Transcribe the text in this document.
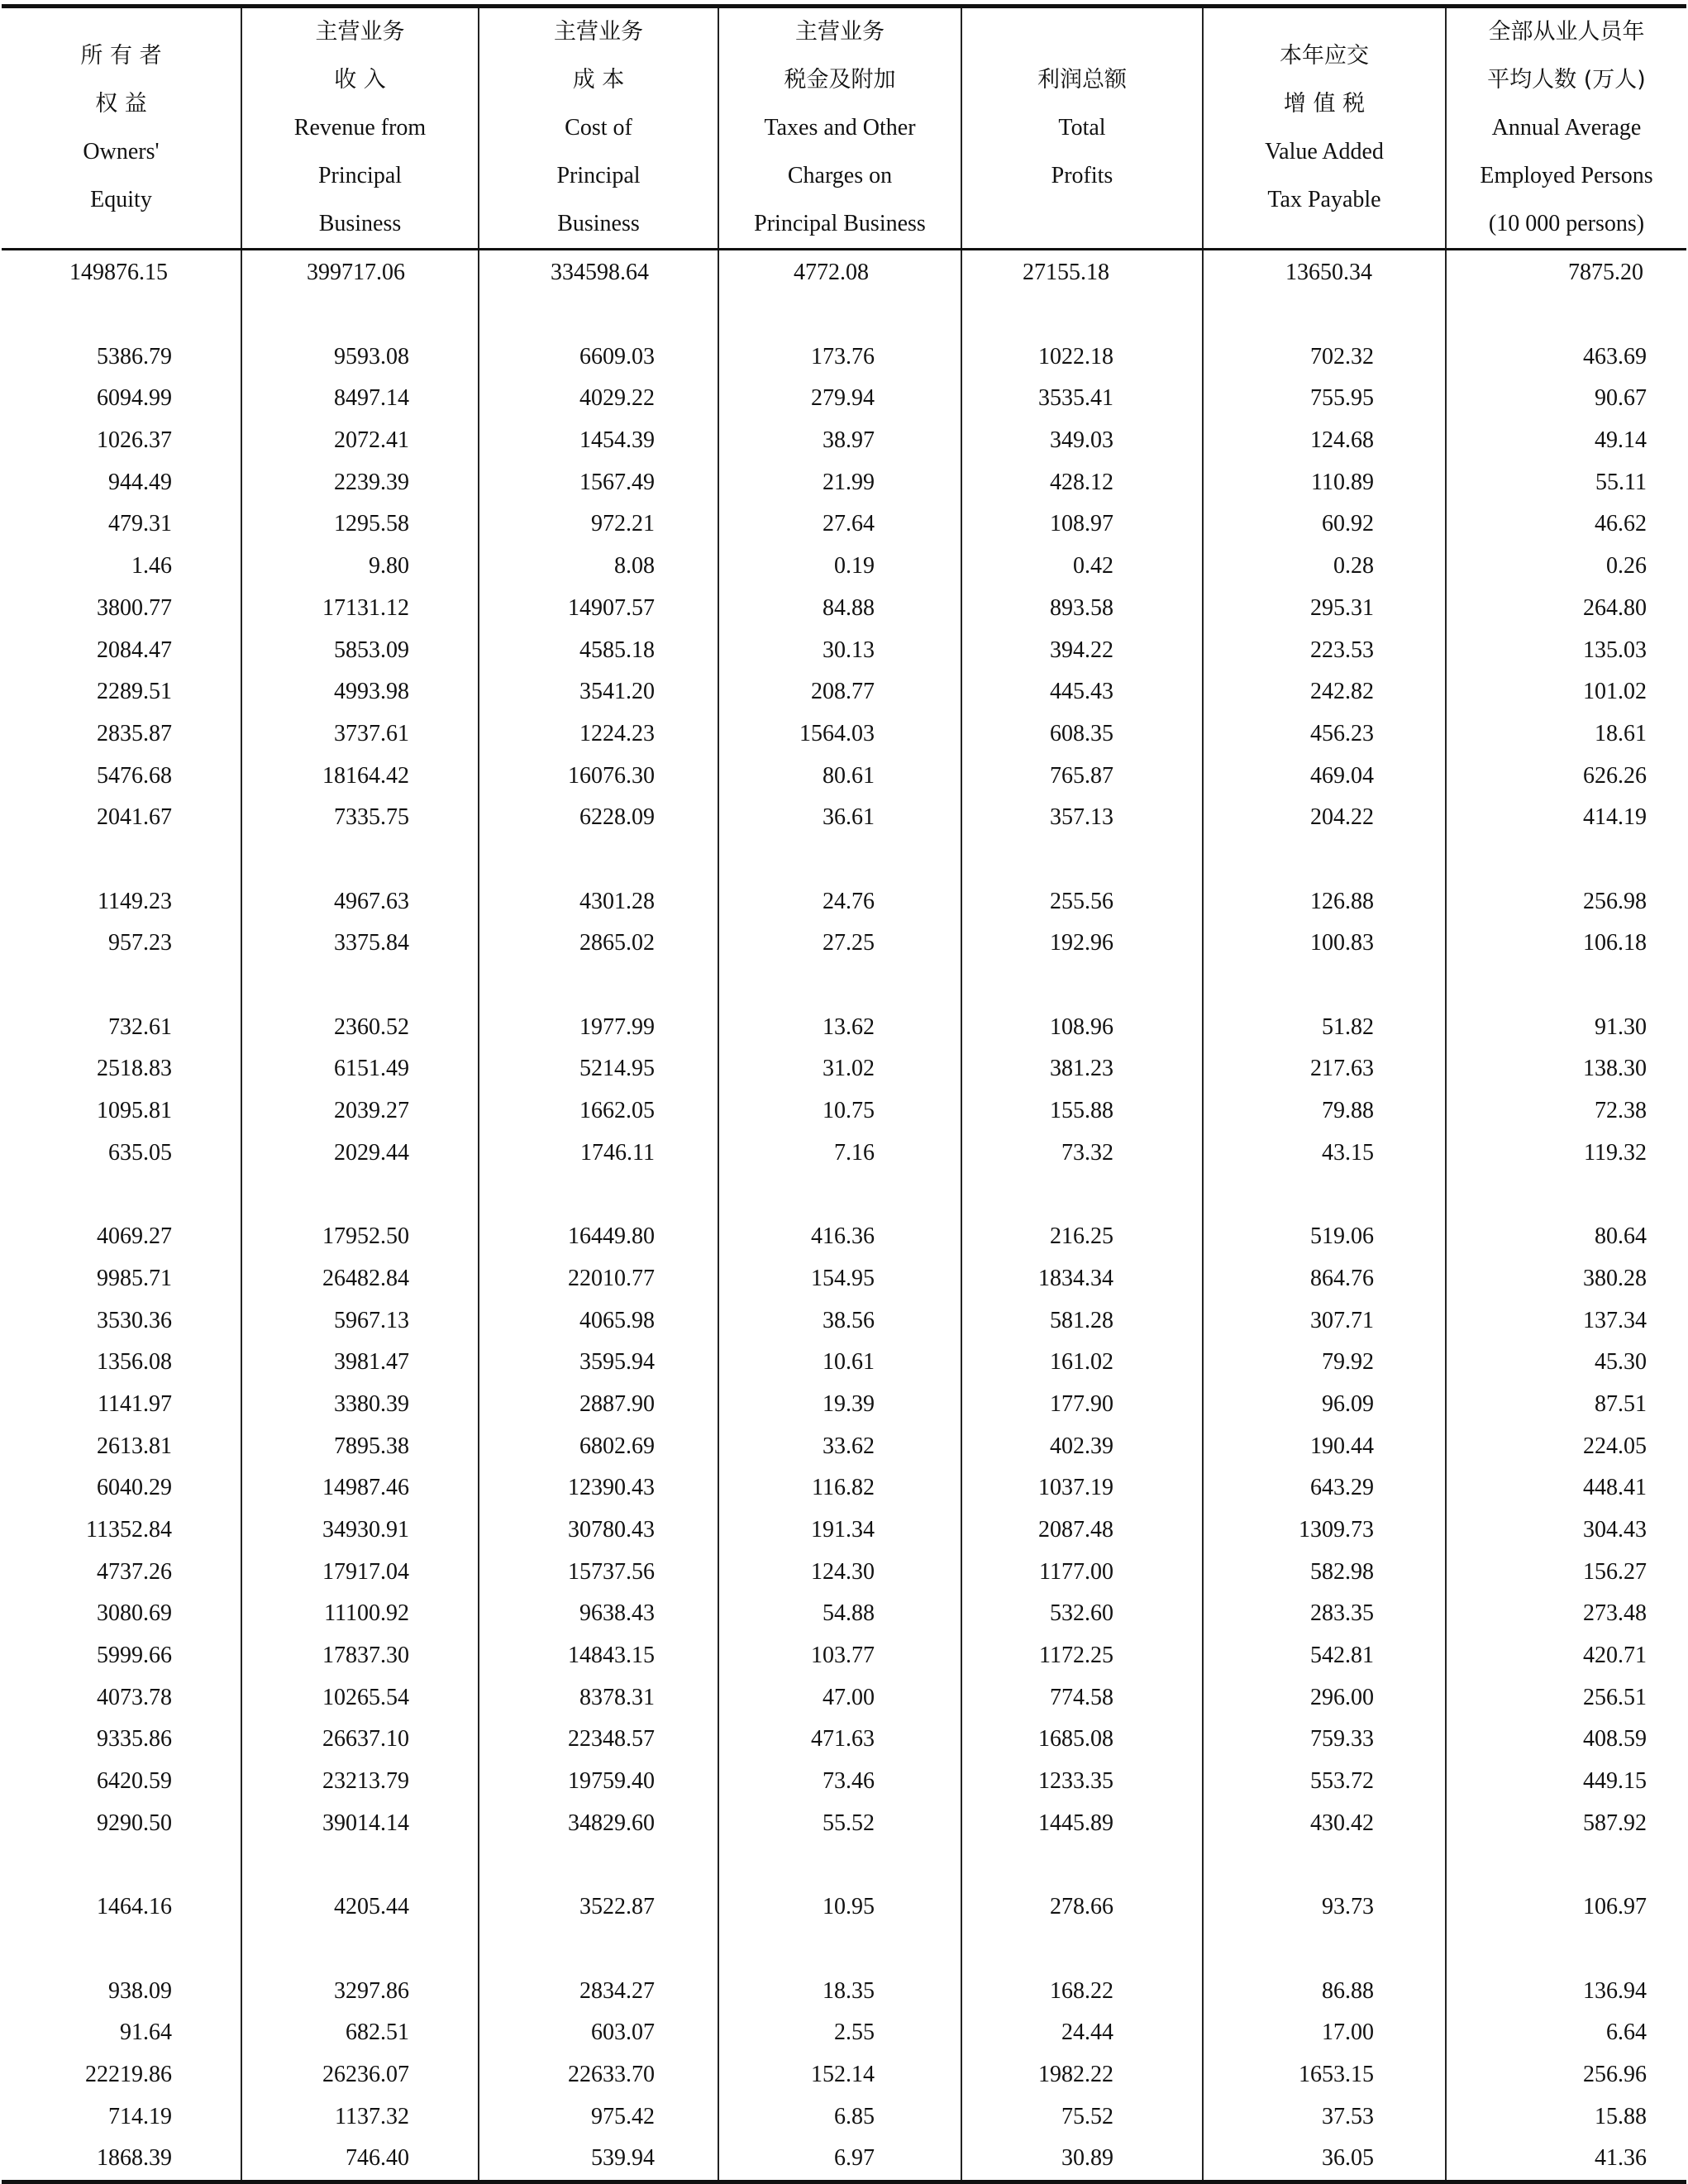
所 有 者
权 益
Owners'
Equity	主营业务
收 入
Revenue from
Principal
Business	主营业务
成 本
Cost of
Principal
Business	主营业务
税金及附加
Taxes and Other
Charges on
Principal Business	利润总额
Total
Profits	本年应交
增 值 税
Value Added
Tax Payable	全部从业人员年
平均人数 (万人)
Annual Average
Employed Persons
(10 000 persons)

149876.15	399717.06	334598.64	4772.08	27155.18	13650.34	7875.20

5386.79	9593.08	6609.03	173.76	1022.18	702.32	463.69
6094.99	8497.14	4029.22	279.94	3535.41	755.95	90.67
1026.37	2072.41	1454.39	38.97	349.03	124.68	49.14
944.49	2239.39	1567.49	21.99	428.12	110.89	55.11
479.31	1295.58	972.21	27.64	108.97	60.92	46.62
1.46	9.80	8.08	0.19	0.42	0.28	0.26
3800.77	17131.12	14907.57	84.88	893.58	295.31	264.80
2084.47	5853.09	4585.18	30.13	394.22	223.53	135.03
2289.51	4993.98	3541.20	208.77	445.43	242.82	101.02
2835.87	3737.61	1224.23	1564.03	608.35	456.23	18.61
5476.68	18164.42	16076.30	80.61	765.87	469.04	626.26
2041.67	7335.75	6228.09	36.61	357.13	204.22	414.19

1149.23	4967.63	4301.28	24.76	255.56	126.88	256.98
957.23	3375.84	2865.02	27.25	192.96	100.83	106.18

732.61	2360.52	1977.99	13.62	108.96	51.82	91.30
2518.83	6151.49	5214.95	31.02	381.23	217.63	138.30
1095.81	2039.27	1662.05	10.75	155.88	79.88	72.38
635.05	2029.44	1746.11	7.16	73.32	43.15	119.32

4069.27	17952.50	16449.80	416.36	216.25	519.06	80.64
9985.71	26482.84	22010.77	154.95	1834.34	864.76	380.28
3530.36	5967.13	4065.98	38.56	581.28	307.71	137.34
1356.08	3981.47	3595.94	10.61	161.02	79.92	45.30
1141.97	3380.39	2887.90	19.39	177.90	96.09	87.51
2613.81	7895.38	6802.69	33.62	402.39	190.44	224.05
6040.29	14987.46	12390.43	116.82	1037.19	643.29	448.41
11352.84	34930.91	30780.43	191.34	2087.48	1309.73	304.43
4737.26	17917.04	15737.56	124.30	1177.00	582.98	156.27
3080.69	11100.92	9638.43	54.88	532.60	283.35	273.48
5999.66	17837.30	14843.15	103.77	1172.25	542.81	420.71
4073.78	10265.54	8378.31	47.00	774.58	296.00	256.51
9335.86	26637.10	22348.57	471.63	1685.08	759.33	408.59
6420.59	23213.79	19759.40	73.46	1233.35	553.72	449.15
9290.50	39014.14	34829.60	55.52	1445.89	430.42	587.92

1464.16	4205.44	3522.87	10.95	278.66	93.73	106.97

938.09	3297.86	2834.27	18.35	168.22	86.88	136.94
91.64	682.51	603.07	2.55	24.44	17.00	6.64
22219.86	26236.07	22633.70	152.14	1982.22	1653.15	256.96
714.19	1137.32	975.42	6.85	75.52	37.53	15.88
1868.39	746.40	539.94	6.97	30.89	36.05	41.36
